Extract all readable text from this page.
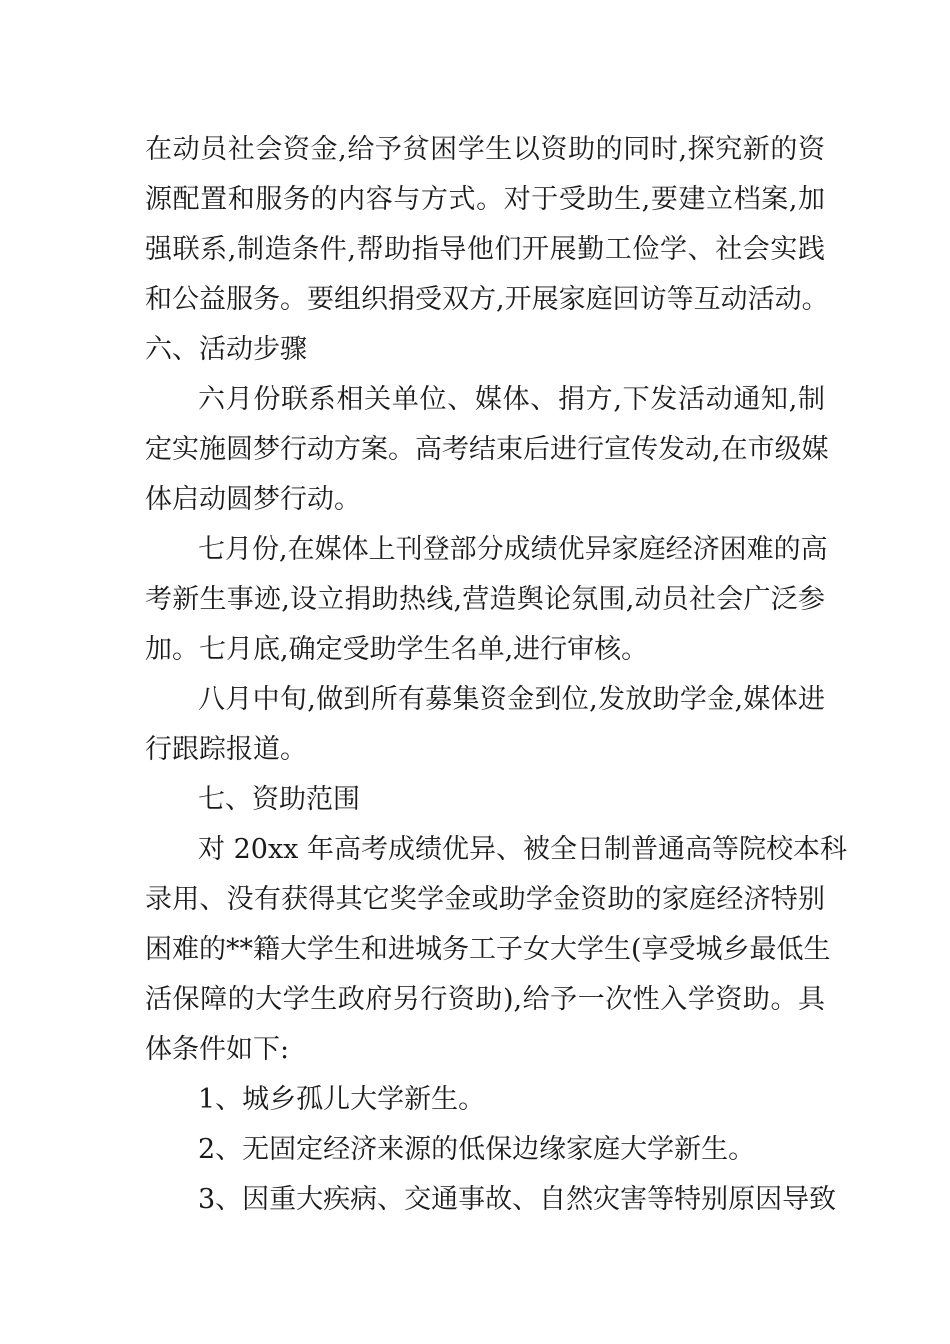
在动员社会资金,给予贫困学生以资助的同时,探究新的资
源配置和服务的内容与方式。对于受助生,要建立档案,加
强联系,制造条件,帮助指导他们开展勤工俭学、社会实践
和公益服务。要组织捐受双方,开展家庭回访等互动活动。
六、活动步骤
六月份联系相关单位、媒体、捐方,下发活动通知,制
定实施圆梦行动方案。高考结束后进行宣传发动,在市级媒
体启动圆梦行动。
七月份,在媒体上刊登部分成绩优异家庭经济困难的高
考新生事迹,设立捐助热线,营造舆论氛围,动员社会广泛参
加。七月底,确定受助学生名单,进行审核。
八月中旬,做到所有募集资金到位,发放助学金,媒体进
行跟踪报道。
七、资助范围
对 20xx 年高考成绩优异、被全日制普通高等院校本科
录用、没有获得其它奖学金或助学金资助的家庭经济特别
困难的**籍大学生和进城务工子女大学生(享受城乡最低生
活保障的大学生政府另行资助),给予一次性入学资助。具
体条件如下:
1、城乡孤儿大学新生。
2、无固定经济来源的低保边缘家庭大学新生。
3、因重大疾病、交通事故、自然灾害等特别原因导致
